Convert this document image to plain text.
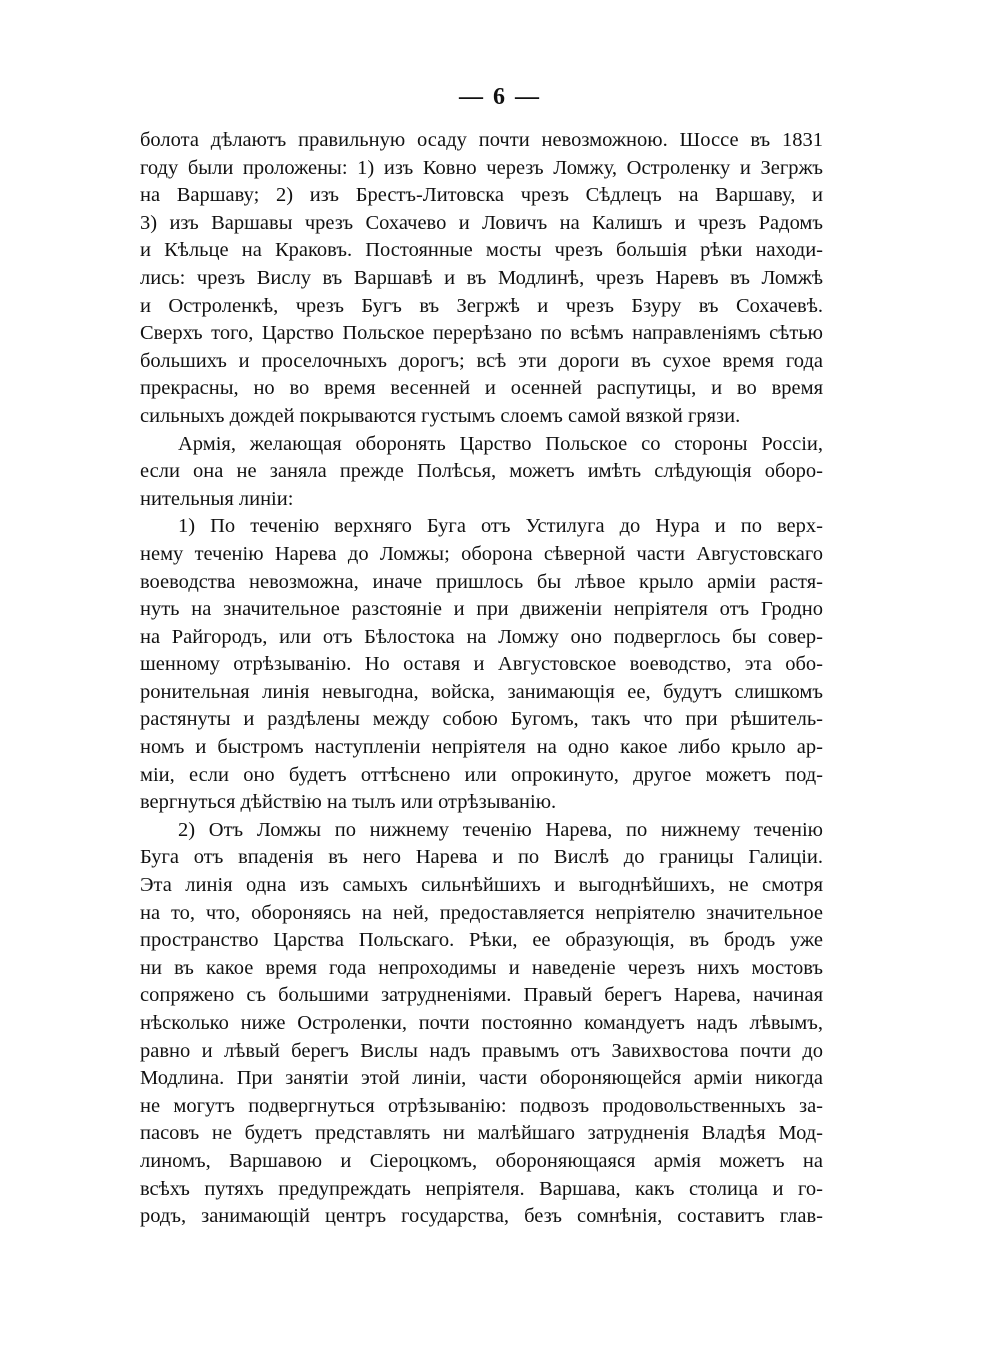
— 6 —
болота дѣлаютъ правильную осаду почти невозможною. Шоссе въ 1831
году были проложены: 1) изъ Ковно черезъ Ломжу, Остроленку и Зегржъ
на Варшаву; 2) изъ Брестъ-Литовска чрезъ Сѣдлецъ на Варшаву, и
3) изъ Варшавы чрезъ Сохачево и Ловичъ на Калишъ и чрезъ Радомъ
и Кѣльце на Краковъ. Постоянные мосты чрезъ большія рѣки находи-
лись: чрезъ Вислу въ Варшавѣ и въ Модлинѣ, чрезъ Наревъ въ Ломжѣ
и Остроленкѣ, чрезъ Бугъ въ Зегржѣ и чрезъ Бзуру въ Сохачевѣ.
Сверхъ того, Царство Польское перерѣзано по всѣмъ направленіямъ сѣтью
большихъ и проселочныхъ дорогъ; всѣ эти дороги въ сухое время года
прекрасны, но во время весенней и осенней распутицы, и во время
сильныхъ дождей покрываются густымъ слоемъ самой вязкой грязи.
Армія, желающая оборонять Царство Польское со стороны Россіи,
если она не заняла прежде Полѣсья, можетъ имѣть слѣдующія оборо-
нительныя линіи:
1) По теченію верхняго Буга отъ Устилуга до Нура и по верх-
нему теченію Нарева до Ломжы; оборона сѣверной части Августовскаго
воеводства невозможна, иначе пришлось бы лѣвое крыло арміи растя-
нуть на значительное разстояніе и при движеніи непріятеля отъ Гродно
на Райгородъ, или отъ Бѣлостока на Ломжу оно подверглось бы совер-
шенному отрѣзыванію. Но оставя и Августовское воеводство, эта обо-
ронительная линія невыгодна, войска, занимающія ее, будутъ слишкомъ
растянуты и раздѣлены между собою Бугомъ, такъ что при рѣшитель-
номъ и быстромъ наступленіи непріятеля на одно какое либо крыло ар-
міи, если оно будетъ оттѣснено или опрокинуто, другое можетъ под-
вергнуться дѣйствію на тылъ или отрѣзыванію.
2) Отъ Ломжы по нижнему теченію Нарева, по нижнему теченію
Буга отъ впаденія въ него Нарева и по Вислѣ до границы Галиціи.
Эта линія одна изъ самыхъ сильнѣйшихъ и выгоднѣйшихъ, не смотря
на то, что, обороняясь на ней, предоставляется непріятелю значительное
пространство Царства Польскаго. Рѣки, ее образующія, въ бродъ уже
ни въ какое время года непроходимы и наведеніе черезъ нихъ мостовъ
сопряжено съ большими затрудненіями. Правый берегъ Нарева, начиная
нѣсколько ниже Остроленки, почти постоянно командуетъ надъ лѣвымъ,
равно и лѣвый берегъ Вислы надъ правымъ отъ Завихвостова почти до
Модлина. При занятіи этой линіи, части обороняющейся арміи никогда
не могутъ подвергнуться отрѣзыванію: подвозъ продовольственныхъ за-
пасовъ не будетъ представлять ни малѣйшаго затрудненія Владѣя Мод-
линомъ, Варшавою и Сіероцкомъ, обороняющаяся армія можетъ на
всѣхъ путяхъ предупреждать непріятеля. Варшава, какъ столица и го-
родъ, занимающій центръ государства, безъ сомнѣнія, составитъ глав-
